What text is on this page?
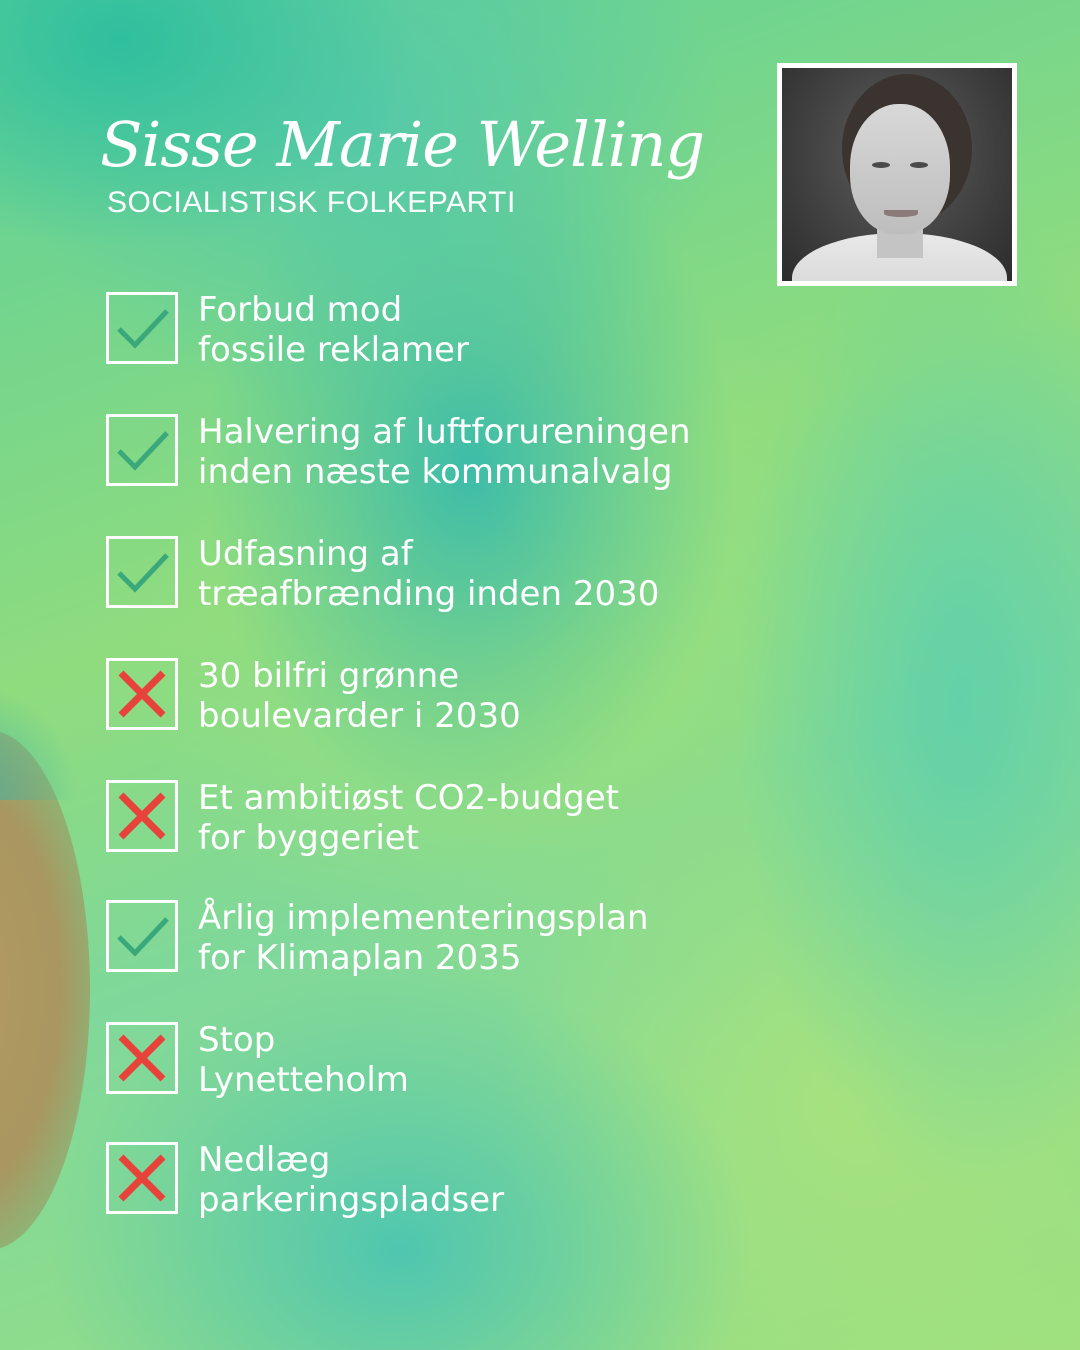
Sisse Marie Welling
SOCIALISTISK FOLKEPARTI
Forbud mod
fossile reklamer
Halvering af luftforureningen
inden næste kommunalvalg
Udfasning af
træafbrænding inden 2030
30 bilfri grønne
boulevarder i 2030
Et ambitiøst CO2-budget
for byggeriet
Årlig implementeringsplan
for Klimaplan 2035
Stop
Lynetteholm
Nedlæg
parkeringspladser
